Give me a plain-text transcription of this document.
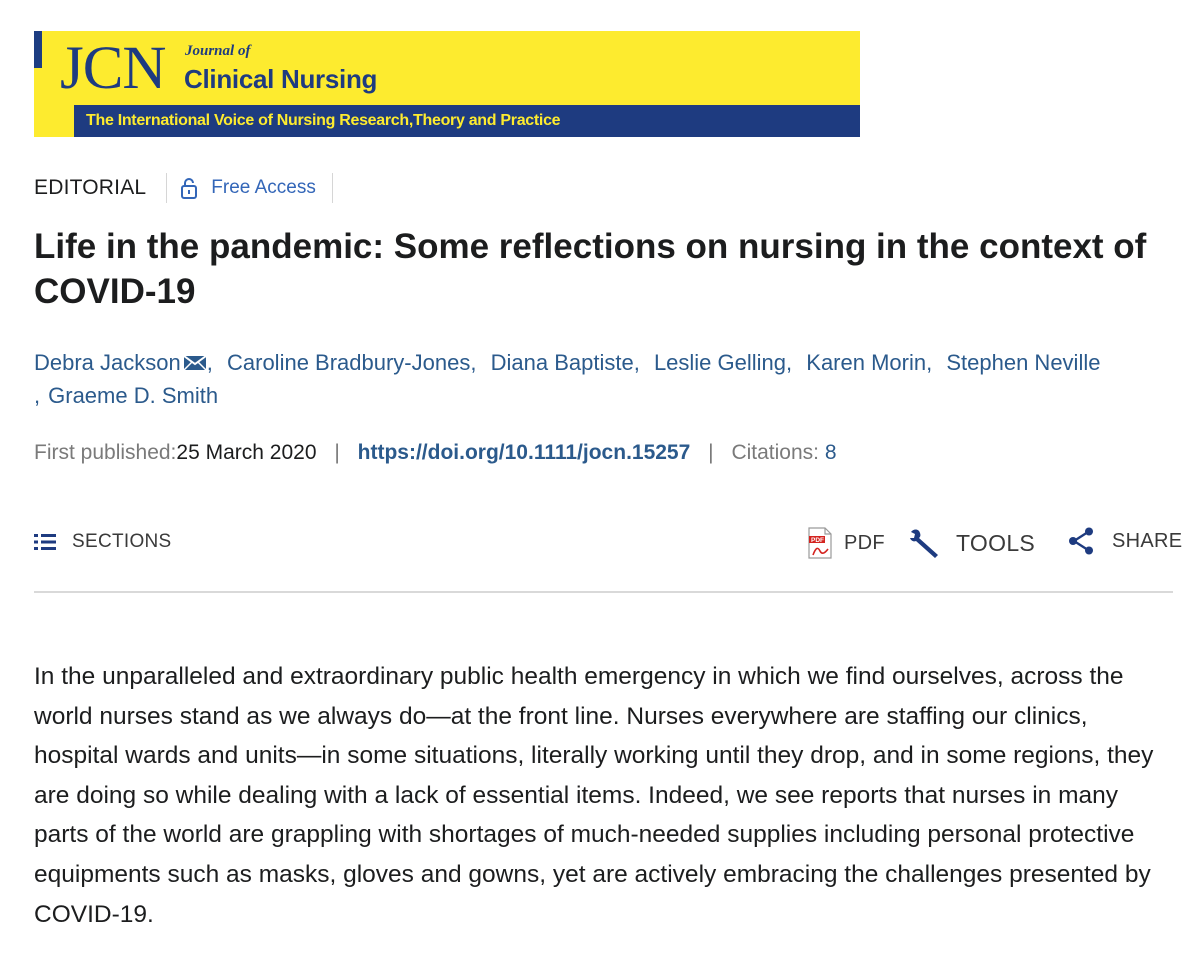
JCN Journal of
Clinical Nursing
The International Voice of Nursing Research,Theory and Practice
EDITORIAL	Free Access
Life in the pandemic: Some reflections on nursing in the context of COVID-19
Debra Jackson , Caroline Bradbury-Jones, Diana Baptiste, Leslie Gelling, Karen Morin, Stephen Neville
, Graeme D. Smith
First published:25 March 2020 | https://doi.org/10.1111/jocn.15257 | Citations: 8
SECTIONS	PDF PDF	TOOLS	SHARE

In the unparalleled and extraordinary public health emergency in which we find ourselves, across the world nurses stand as we always do—at the front line. Nurses everywhere are staffing our clinics, hospital wards and units—in some situations, literally working until they drop, and in some regions, they are doing so while dealing with a lack of essential items. Indeed, we see reports that nurses in many parts of the world are grappling with shortages of much-needed supplies including personal protective equipments such as masks, gloves and gowns, yet are actively embracing the challenges presented by COVID-19.
